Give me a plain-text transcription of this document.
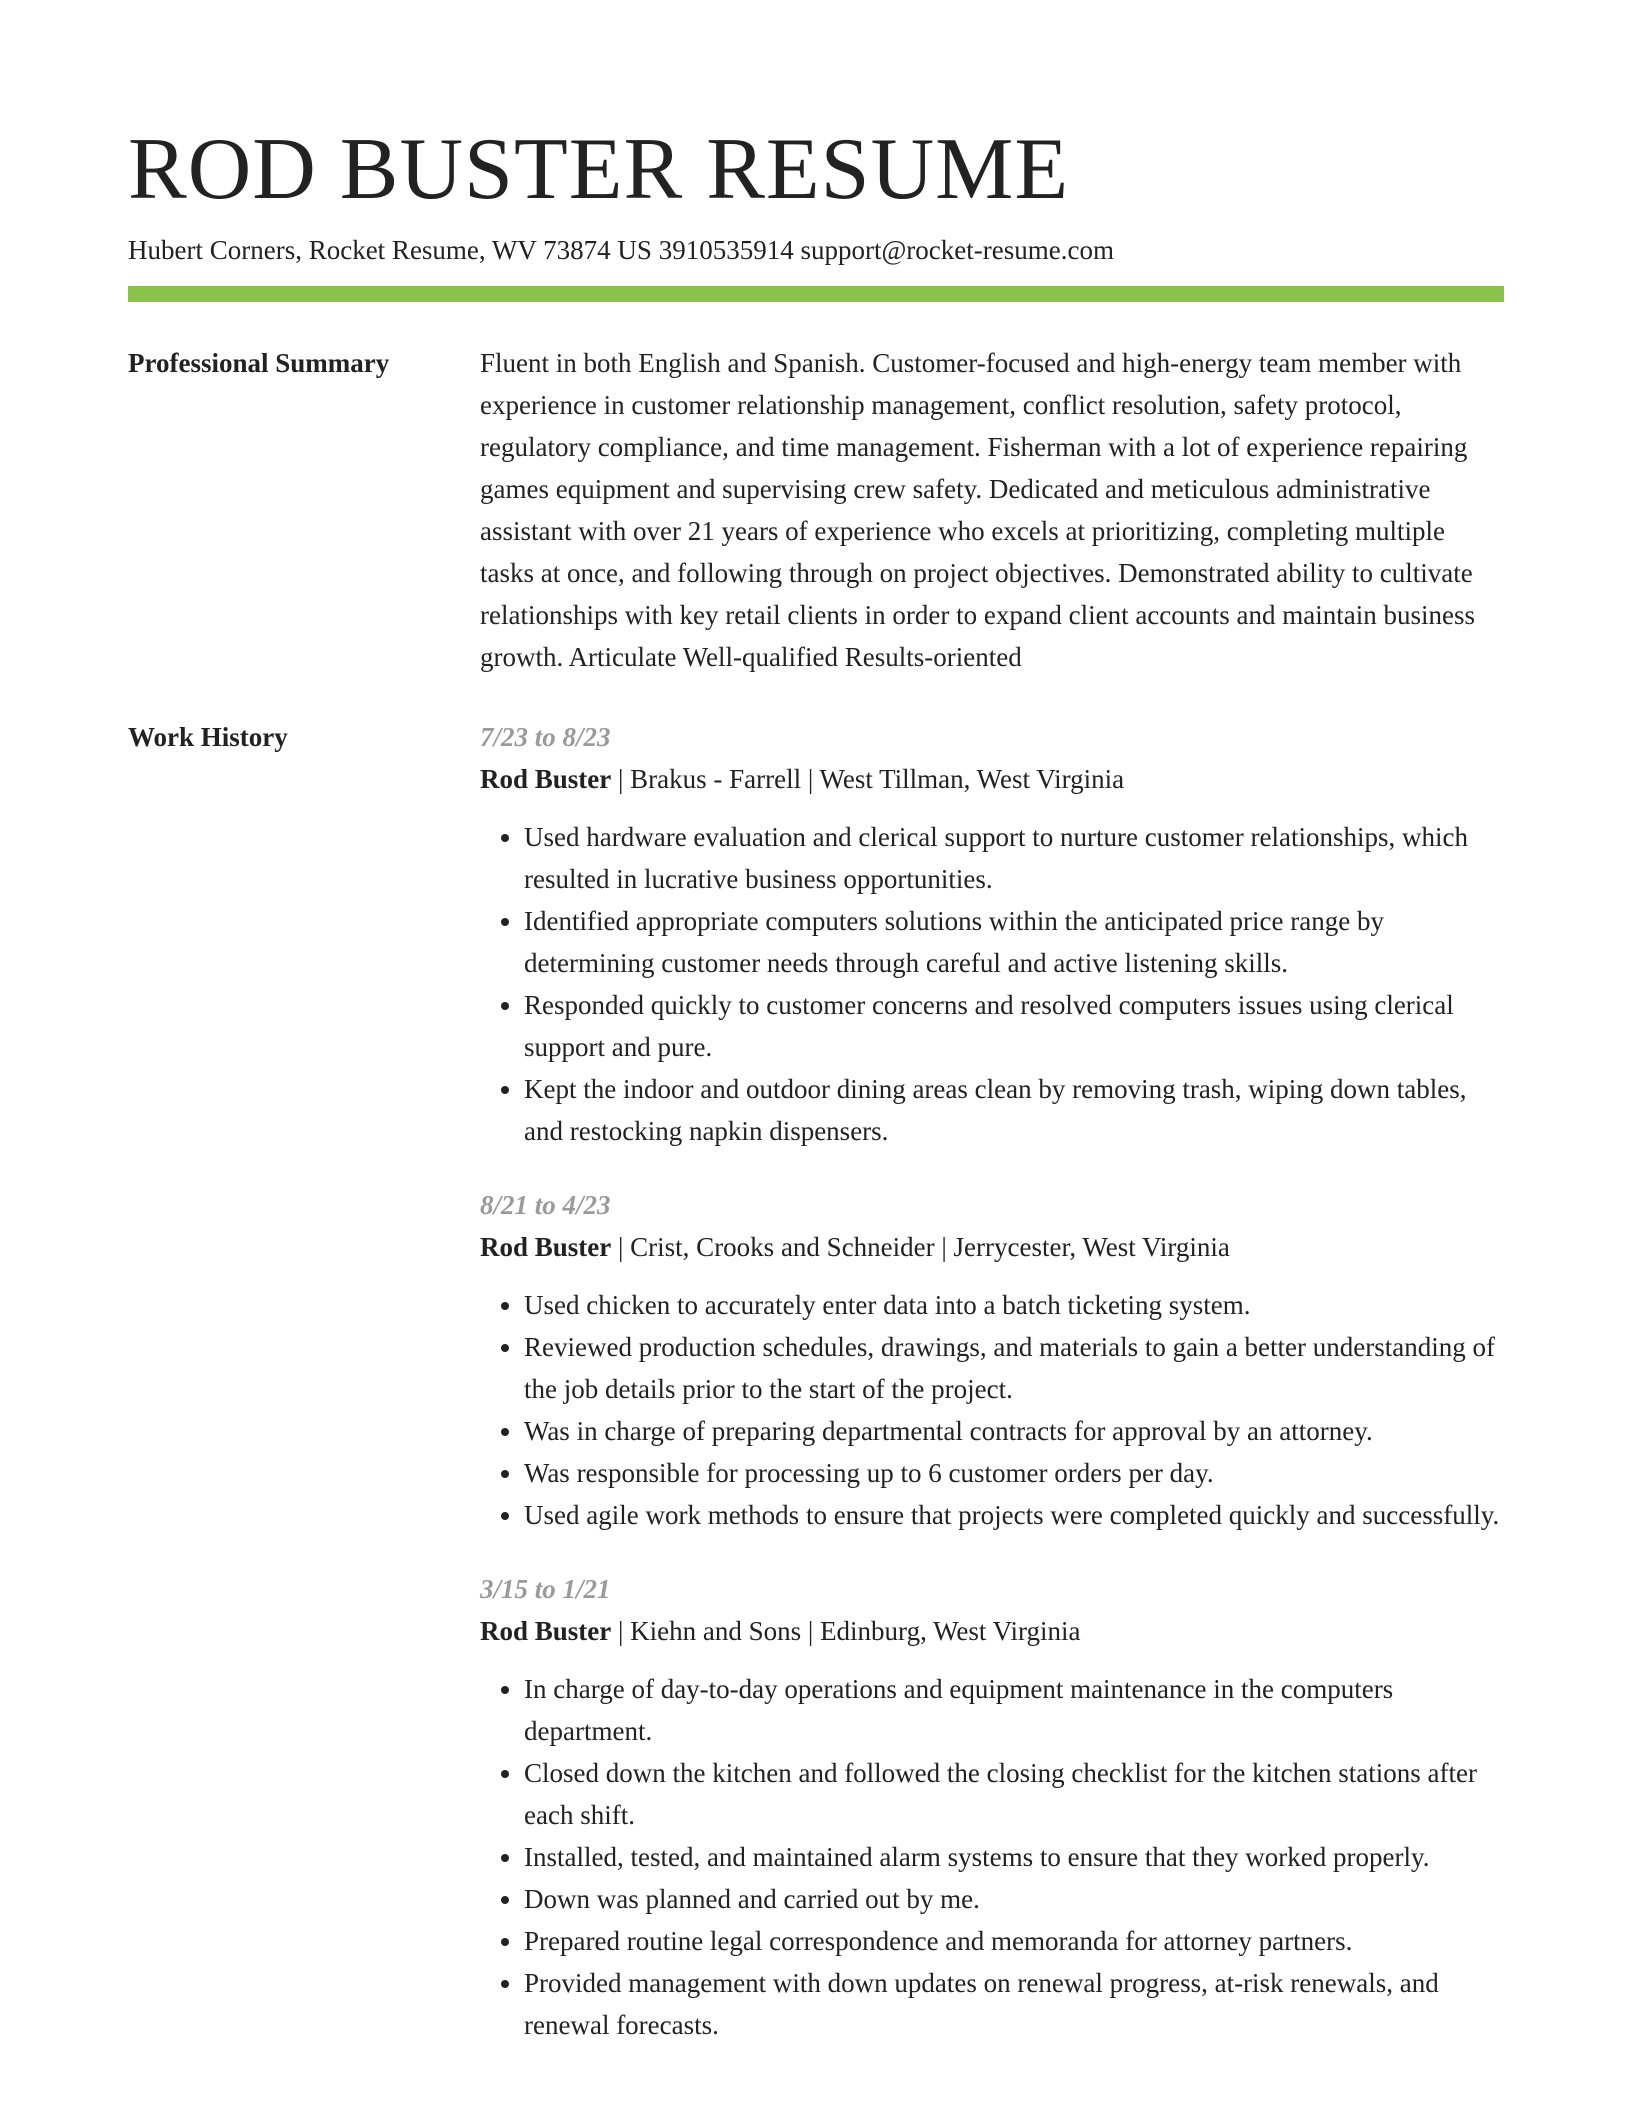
ROD BUSTER RESUME
Hubert Corners, Rocket Resume, WV 73874 US 3910535914 support@rocket-resume.com
Professional Summary	Fluent in both English and Spanish. Customer-focused and high-energy team member with experience in customer relationship management, conflict resolution, safety protocol, regulatory compliance, and time management. Fisherman with a lot of experience repairing games equipment and supervising crew safety. Dedicated and meticulous administrative assistant with over 21 years of experience who excels at prioritizing, completing multiple tasks at once, and following through on project objectives. Demonstrated ability to cultivate relationships with key retail clients in order to expand client accounts and maintain business growth. Articulate Well-qualified Results-oriented

Work History	7/23 to 8/23
Rod Buster | Brakus - Farrell | West Tillman, West Virginia
• Used hardware evaluation and clerical support to nurture customer relationships, which resulted in lucrative business opportunities.
• Identified appropriate computers solutions within the anticipated price range by determining customer needs through careful and active listening skills.
• Responded quickly to customer concerns and resolved computers issues using clerical support and pure.
• Kept the indoor and outdoor dining areas clean by removing trash, wiping down tables, and restocking napkin dispensers.
8/21 to 4/23
Rod Buster | Crist, Crooks and Schneider | Jerrycester, West Virginia
• Used chicken to accurately enter data into a batch ticketing system.
• Reviewed production schedules, drawings, and materials to gain a better understanding of the job details prior to the start of the project.
• Was in charge of preparing departmental contracts for approval by an attorney.
• Was responsible for processing up to 6 customer orders per day.
• Used agile work methods to ensure that projects were completed quickly and successfully.
3/15 to 1/21
Rod Buster | Kiehn and Sons | Edinburg, West Virginia
• In charge of day-to-day operations and equipment maintenance in the computers department.
• Closed down the kitchen and followed the closing checklist for the kitchen stations after each shift.
• Installed, tested, and maintained alarm systems to ensure that they worked properly.
• Down was planned and carried out by me.
• Prepared routine legal correspondence and memoranda for attorney partners.
• Provided management with down updates on renewal progress, at-risk renewals, and renewal forecasts.
